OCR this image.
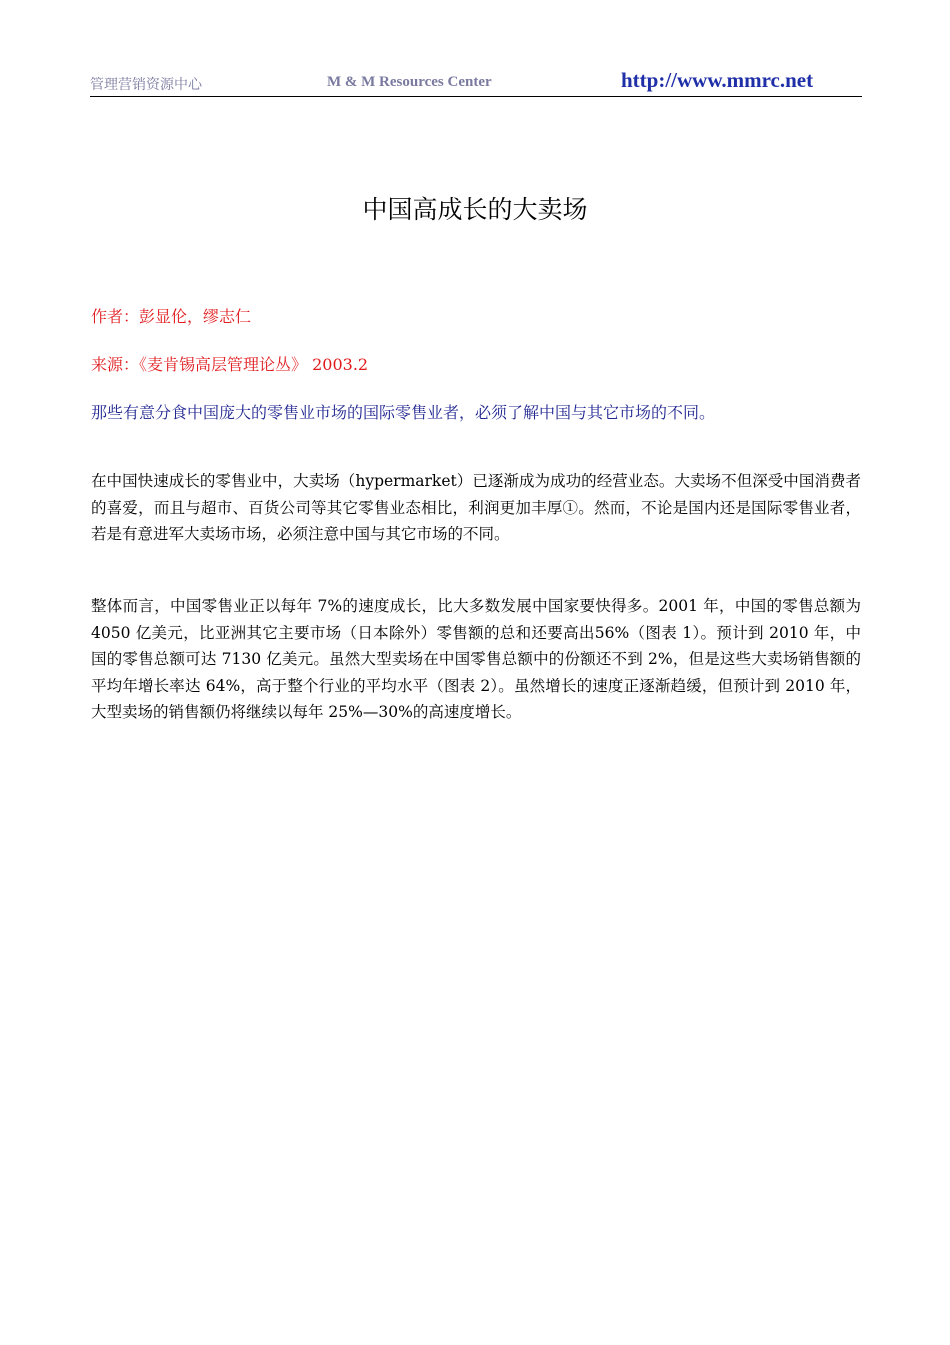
管理营销资源中心	M & M Resources Center	http://www.mmrc.net
中国高成长的大卖场
作者：彭显伦，缪志仁
来源：《麦肯锡高层管理论丛》 2003.2
那些有意分食中国庞大的零售业市场的国际零售业者，必须了解中国与其它市场的不同。

在中国快速成长的零售业中，大卖场（hypermarket）已逐渐成为成功的经营业态。大卖场不但深受中国消费者的喜爱，而且与超市、百货公司等其它零售业态相比，利润更加丰厚①。然而，不论是国内还是国际零售业者，若是有意进军大卖场市场，必须注意中国与其它市场的不同。

整体而言，中国零售业正以每年 7%的速度成长，比大多数发展中国家要快得多。2001 年，中国的零售总额为 4050 亿美元，比亚洲其它主要市场（日本除外）零售额的总和还要高出56%（图表 1）。预计到 2010 年，中国的零售总额可达 7130 亿美元。虽然大型卖场在中国零售总额中的份额还不到 2%，但是这些大卖场销售额的平均年增长率达 64%，高于整个行业的平均水平（图表 2）。虽然增长的速度正逐渐趋缓，但预计到 2010 年，大型卖场的销售额仍将继续以每年 25%—30%的高速度增长。
